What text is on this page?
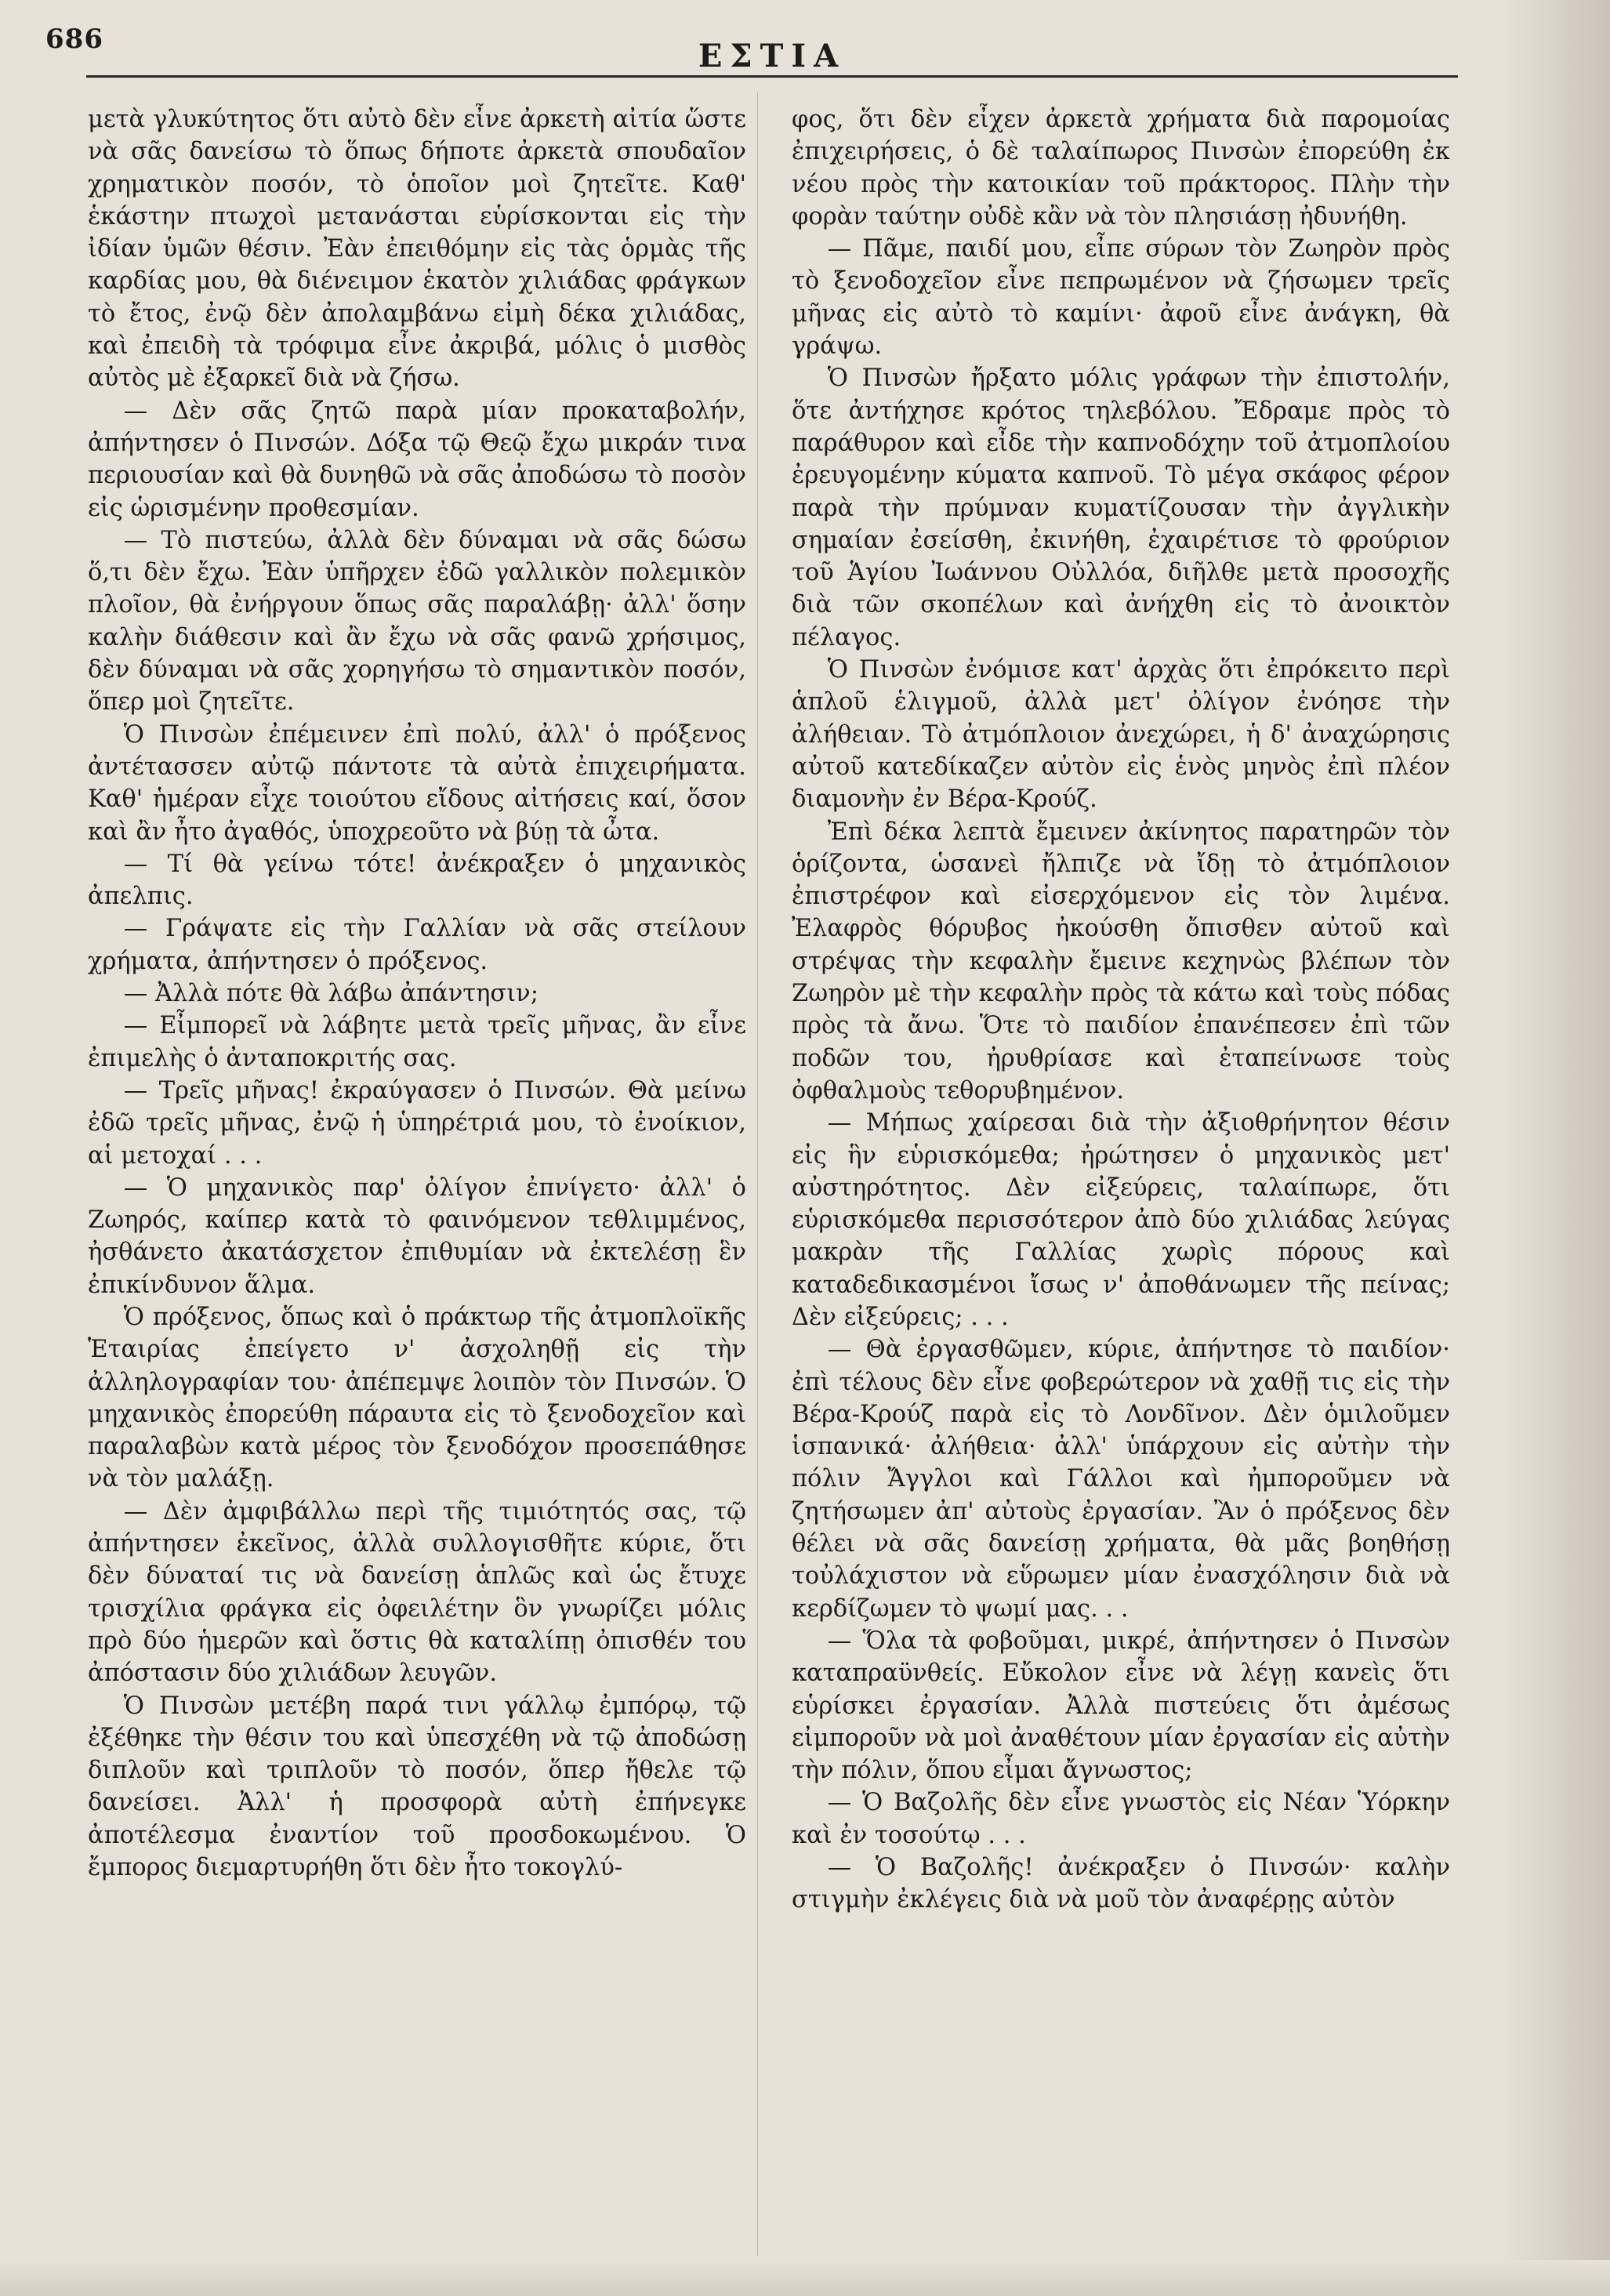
686	ΕΣΤΙΑ

μετὰ γλυκύτητος ὅτι αὐτὸ δὲν εἶνε ἀρκετὴ αἰτία ὥστε νὰ σᾶς δανείσω τὸ ὅπως δήποτε ἀρκετὰ σπουδαῖον χρηματικὸν ποσόν, τὸ ὁποῖον μοὶ ζητεῖτε. Καθ' ἑκάστην πτωχοὶ μετανάσται εὑρίσκονται εἰς τὴν ἰδίαν ὑμῶν θέσιν. Ἐὰν ἐπειθόμην εἰς τὰς ὁρμὰς τῆς καρδίας μου, θὰ διένειμον ἑκατὸν χιλιάδας φράγκων τὸ ἔτος, ἐνῷ δὲν ἀπολαμβάνω εἰμὴ δέκα χιλιάδας, καὶ ἐπειδὴ τὰ τρόφιμα εἶνε ἀκριβά, μόλις ὁ μισθὸς αὐτὸς μὲ ἐξαρκεῖ διὰ νὰ ζήσω.

— Δὲν σᾶς ζητῶ παρὰ μίαν προκαταβολήν, ἀπήντησεν ὁ Πινσών. Δόξα τῷ Θεῷ ἔχω μικράν τινα περιουσίαν καὶ θὰ δυνηθῶ νὰ σᾶς ἀποδώσω τὸ ποσὸν εἰς ὡρισμένην προθεσμίαν.

— Τὸ πιστεύω, ἀλλὰ δὲν δύναμαι νὰ σᾶς δώσω ὅ,τι δὲν ἔχω. Ἐὰν ὑπῆρχεν ἐδῶ γαλλικὸν πολεμικὸν πλοῖον, θὰ ἐνήργουν ὅπως σᾶς παραλάβῃ· ἀλλ' ὅσην καλὴν διάθεσιν καὶ ἂν ἔχω νὰ σᾶς φανῶ χρήσιμος, δὲν δύναμαι νὰ σᾶς χορηγήσω τὸ σημαντικὸν ποσόν, ὅπερ μοὶ ζητεῖτε.

Ὁ Πινσὼν ἐπέμεινεν ἐπὶ πολύ, ἀλλ' ὁ πρόξενος ἀντέτασσεν αὐτῷ πάντοτε τὰ αὐτὰ ἐπιχειρήματα. Καθ' ἡμέραν εἶχε τοιούτου εἴδους αἰτήσεις καί, ὅσον καὶ ἂν ἦτο ἀγαθός, ὑποχρεοῦτο νὰ βύῃ τὰ ὦτα.

— Τί θὰ γείνω τότε! ἀνέκραξεν ὁ μηχανικὸς ἀπελπις.

— Γράψατε εἰς τὴν Γαλλίαν νὰ σᾶς στείλουν χρήματα, ἀπήντησεν ὁ πρόξενος.

— Ἀλλὰ πότε θὰ λάβω ἀπάντησιν;

— Εἶμπορεῖ νὰ λάβητε μετὰ τρεῖς μῆνας, ἂν εἶνε ἐπιμελὴς ὁ ἀνταποκριτής σας.

— Τρεῖς μῆνας! ἐκραύγασεν ὁ Πινσών. Θὰ μείνω ἐδῶ τρεῖς μῆνας, ἐνῷ ἡ ὑπηρέτριά μου, τὸ ἐνοίκιον, αἱ μετοχαί . . .

— Ὁ μηχανικὸς παρ' ὀλίγον ἐπνίγετο· ἀλλ' ὁ Ζωηρός, καίπερ κατὰ τὸ φαινόμενον τεθλιμμένος, ἠσθάνετο ἀκατάσχετον ἐπιθυμίαν νὰ ἐκτελέσῃ ἓν ἐπικίνδυνον ἅλμα.

Ὁ πρόξενος, ὅπως καὶ ὁ πράκτωρ τῆς ἀτμοπλοϊκῆς Ἑταιρίας ἐπείγετο ν' ἀσχοληθῇ εἰς τὴν ἀλληλογραφίαν του· ἀπέπεμψε λοιπὸν τὸν Πινσών. Ὁ μηχανικὸς ἐπορεύθη πάραυτα εἰς τὸ ξενοδοχεῖον καὶ παραλαβὼν κατὰ μέρος τὸν ξενοδόχον προσεπάθησε νὰ τὸν μαλάξῃ.

— Δὲν ἀμφιβάλλω περὶ τῆς τιμιότητός σας, τῷ ἀπήντησεν ἐκεῖνος, ἀλλὰ συλλογισθῆτε κύριε, ὅτι δὲν δύναταί τις νὰ δανείσῃ ἁπλῶς καὶ ὡς ἔτυχε τρισχίλια φράγκα εἰς ὀφειλέτην ὃν γνωρίζει μόλις πρὸ δύο ἡμερῶν καὶ ὅστις θὰ καταλίπῃ ὀπισθέν του ἀπόστασιν δύο χιλιάδων λευγῶν.

Ὁ Πινσὼν μετέβη παρά τινι γάλλῳ ἐμπόρῳ, τῷ ἐξέθηκε τὴν θέσιν του καὶ ὑπεσχέθη νὰ τῷ ἀποδώσῃ διπλοῦν καὶ τριπλοῦν τὸ ποσόν, ὅπερ ἤθελε τῷ δανείσει. Ἀλλ' ἡ προσφορὰ αὐτὴ ἐπήνεγκε ἀποτέλεσμα ἐναντίον τοῦ προσδοκωμένου. Ὁ ἔμπορος διεμαρτυρήθη ὅτι δὲν ἦτο τοκογλύ-

φος, ὅτι δὲν εἶχεν ἀρκετὰ χρήματα διὰ παρομοίας ἐπιχειρήσεις, ὁ δὲ ταλαίπωρος Πινσὼν ἐπορεύθη ἐκ νέου πρὸς τὴν κατοικίαν τοῦ πράκτορος. Πλὴν τὴν φορὰν ταύτην οὐδὲ κἂν νὰ τὸν πλησιάσῃ ἠδυνήθη.

— Πᾶμε, παιδί μου, εἶπε σύρων τὸν Ζωηρὸν πρὸς τὸ ξενοδοχεῖον εἶνε πεπρωμένον νὰ ζήσωμεν τρεῖς μῆνας εἰς αὐτὸ τὸ καμίνι· ἀφοῦ εἶνε ἀνάγκη, θὰ γράψω.

Ὁ Πινσὼν ἤρξατο μόλις γράφων τὴν ἐπιστολήν, ὅτε ἀντήχησε κρότος τηλεβόλου. Ἔδραμε πρὸς τὸ παράθυρον καὶ εἶδε τὴν καπνοδόχην τοῦ ἀτμοπλοίου ἐρευγομένην κύματα καπνοῦ. Τὸ μέγα σκάφος φέρον παρὰ τὴν πρύμναν κυματίζουσαν τὴν ἀγγλικὴν σημαίαν ἐσείσθη, ἐκινήθη, ἐχαιρέτισε τὸ φρούριον τοῦ Ἁγίου Ἰωάννου Οὐλλόα, διῆλθε μετὰ προσοχῆς διὰ τῶν σκοπέλων καὶ ἀνήχθη εἰς τὸ ἀνοικτὸν πέλαγος.

Ὁ Πινσὼν ἐνόμισε κατ' ἀρχὰς ὅτι ἐπρόκειτο περὶ ἁπλοῦ ἑλιγμοῦ, ἀλλὰ μετ' ὀλίγον ἐνόησε τὴν ἀλήθειαν. Τὸ ἀτμόπλοιον ἀνεχώρει, ἡ δ' ἀναχώρησις αὐτοῦ κατεδίκαζεν αὐτὸν εἰς ἑνὸς μηνὸς ἐπὶ πλέον διαμονὴν ἐν Βέρα-Κρούζ.

Ἐπὶ δέκα λεπτὰ ἔμεινεν ἀκίνητος παρατηρῶν τὸν ὁρίζοντα, ὡσανεὶ ἤλπιζε νὰ ἴδῃ τὸ ἀτμόπλοιον ἐπιστρέφον καὶ εἰσερχόμενον εἰς τὸν λιμένα. Ἐλαφρὸς θόρυβος ἠκούσθη ὄπισθεν αὐτοῦ καὶ στρέψας τὴν κεφαλὴν ἔμεινε κεχηνὼς βλέπων τὸν Ζωηρὸν μὲ τὴν κεφαλὴν πρὸς τὰ κάτω καὶ τοὺς πόδας πρὸς τὰ ἄνω. Ὅτε τὸ παιδίον ἐπανέπεσεν ἐπὶ τῶν ποδῶν του, ἠρυθρίασε καὶ ἐταπείνωσε τοὺς ὀφθαλμοὺς τεθορυβημένον.

— Μήπως χαίρεσαι διὰ τὴν ἀξιοθρήνητον θέσιν εἰς ἣν εὑρισκόμεθα; ἠρώτησεν ὁ μηχανικὸς μετ' αὐστηρότητος. Δὲν εἰξεύρεις, ταλαίπωρε, ὅτι εὑρισκόμεθα περισσότερον ἀπὸ δύο χιλιάδας λεύγας μακρὰν τῆς Γαλλίας χωρὶς πόρους καὶ καταδεδικασμένοι ἴσως ν' ἀποθάνωμεν τῆς πείνας; Δὲν εἰξεύρεις; . . .

— Θὰ ἐργασθῶμεν, κύριε, ἀπήντησε τὸ παιδίον· ἐπὶ τέλους δὲν εἶνε φοβερώτερον νὰ χαθῇ τις εἰς τὴν Βέρα-Κρούζ παρὰ εἰς τὸ Λονδῖνον. Δὲν ὁμιλοῦμεν ἱσπανικά· ἀλήθεια· ἀλλ' ὑπάρχουν εἰς αὐτὴν τὴν πόλιν Ἄγγλοι καὶ Γάλλοι καὶ ἠμποροῦμεν νὰ ζητήσωμεν ἀπ' αὐτοὺς ἐργασίαν. Ἂν ὁ πρόξενος δὲν θέλει νὰ σᾶς δανείσῃ χρήματα, θὰ μᾶς βοηθήσῃ τοὐλάχιστον νὰ εὕρωμεν μίαν ἐνασχόλησιν διὰ νὰ κερδίζωμεν τὸ ψωμί μας. . .

— Ὅλα τὰ φοβοῦμαι, μικρέ, ἀπήντησεν ὁ Πινσὼν καταπραϋνθείς. Εὔκολον εἶνε νὰ λέγῃ κανεὶς ὅτι εὑρίσκει ἐργασίαν. Ἀλλὰ πιστεύεις ὅτι ἀμέσως εἰμποροῦν νὰ μοὶ ἀναθέτουν μίαν ἐργασίαν εἰς αὐτὴν τὴν πόλιν, ὅπου εἶμαι ἄγνωστος;

— Ὁ Βαζολῆς δὲν εἶνε γνωστὸς εἰς Νέαν Ὑόρκην καὶ ἐν τοσούτῳ . . .

— Ὁ Βαζολῆς! ἀνέκραξεν ὁ Πινσών· καλὴν στιγμὴν ἐκλέγεις διὰ νὰ μοῦ τὸν ἀναφέρῃς αὐτὸν
